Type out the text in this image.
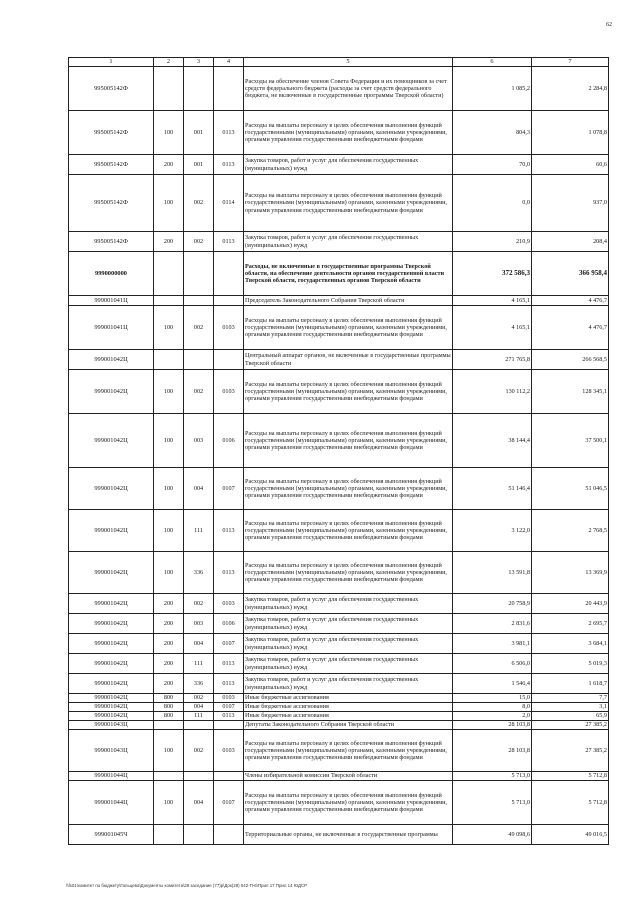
62
1	2	3	4	5	6	7
995005142Ф				Расходы на обеспечение членов Совета Федерации и их помощников за счет средств федерального бюджета (расходы за счет средств федерального бюджета, не включенные в государственные программы Тверской области)	1 085,2	2 284,8
995005142Ф	100	001	0113	Расходы на выплаты персоналу в целях обеспечения выполнения функций государственными (муниципальными) органами, казенными учреждениями, органами управления государственными внебюджетными фондами	804,3	1 078,8
995005142Ф	200	001	0113	Закупка товаров, работ и услуг для обеспечения государственных (муниципальных) нужд	70,0	60,6
995005142Ф	100	002	0114	Расходы на выплаты персоналу в целях обеспечения выполнения функций государственными (муниципальными) органами, казенными учреждениями, органами управления государственными внебюджетными фондами	0,0	937,0
995005142Ф	200	002	0113	Закупка товаров, работ и услуг для обеспечения государственных (муниципальных) нужд	210,9	208,4
9990000000				Расходы, не включенные в государственные программы Тверской области, на обеспечение деятельности органов государственной власти Тверской области, государственных органов Тверской области	372 586,3	366 958,4
999001041Ц				Председатель Законодательного Собрания Тверской области	4 165,1	4 476,7
999001041Ц	100	002	0103	Расходы на выплаты персоналу в целях обеспечения выполнения функций государственными (муниципальными) органами, казенными учреждениями, органами управления государственными внебюджетными фондами	4 165,1	4 476,7
999001042Ц				Центральный аппарат органов, не включенные в государственные программы Тверской области	271 765,8	266 568,5
999001042Ц	100	002	0103	Расходы на выплаты персоналу в целях обеспечения выполнения функций государственными (муниципальными) органами, казенными учреждениями, органами управления государственными внебюджетными фондами	130 112,2	128 345,1
999001042Ц	100	003	0106	Расходы на выплаты персоналу в целях обеспечения выполнения функций государственными (муниципальными) органами, казенными учреждениями, органами управления государственными внебюджетными фондами	38 144,4	37 500,1
999001042Ц	100	004	0107	Расходы на выплаты персоналу в целях обеспечения выполнения функций государственными (муниципальными) органами, казенными учреждениями, органами управления государственными внебюджетными фондами	51 146,4	51 046,5
999001042Ц	100	111	0113	Расходы на выплаты персоналу в целях обеспечения выполнения функций государственными (муниципальными) органами, казенными учреждениями, органами управления государственными внебюджетными фондами	3 122,0	2 768,5
999001042Ц	100	336	0113	Расходы на выплаты персоналу в целях обеспечения выполнения функций государственными (муниципальными) органами, казенными учреждениями, органами управления государственными внебюджетными фондами	13 591,8	13 369,9
999001042Ц	200	002	0103	Закупка товаров, работ и услуг для обеспечения государственных (муниципальных) нужд	20 758,9	20 443,9
999001042Ц	200	003	0106	Закупка товаров, работ и услуг для обеспечения государственных (муниципальных) нужд	2 831,6	2 695,7
999001042Ц	200	004	0107	Закупка товаров, работ и услуг для обеспечения государственных (муниципальных) нужд	3 981,1	3 684,1
999001042Ц	200	111	0113	Закупка товаров, работ и услуг для обеспечения государственных (муниципальных) нужд	6 506,0	5 019,3
999001042Ц	200	336	0113	Закупка товаров, работ и услуг для обеспечения государственных (муниципальных) нужд	1 546,4	1 618,7
999001042Ц	800	002	0103	Иные бюджетные ассигнования	15,0	7,7
999001042Ц	800	004	0107	Иные бюджетные ассигнования	8,0	3,1
999001042Ц	800	111	0113	Иные бюджетные ассигнования	2,0	65,9
999001043Ц				Депутаты Законодательного Собрания Тверской области	28 103,8	27 385,2
999001043Ц	100	002	0103	Расходы на выплаты персоналу в целях обеспечения выполнения функций государственными (муниципальными) органами, казенными учреждениями, органами управления государственными внебюджетными фондами	28 103,8	27 385,2
999001044Ц				Члены избирательной комиссии Тверской области	5 713,0	5 712,8
999001044Ц	100	004	0107	Расходы на выплаты персоналу в целях обеспечения выполнения функций государственными (муниципальными) органами, казенными учреждениями, органами управления государственными внебюджетными фондами	5 713,0	5 712,8
999001045Ч				Территориальные органы, не включенные в государственные программы	49 098,6	49 016,5
\\fs01\комитет по бюджету\Гальцевa\Документы комитета\28 заседание (77)р\Док(28) 542-П-6\Прил 17 Прил 14 ЮДСР
